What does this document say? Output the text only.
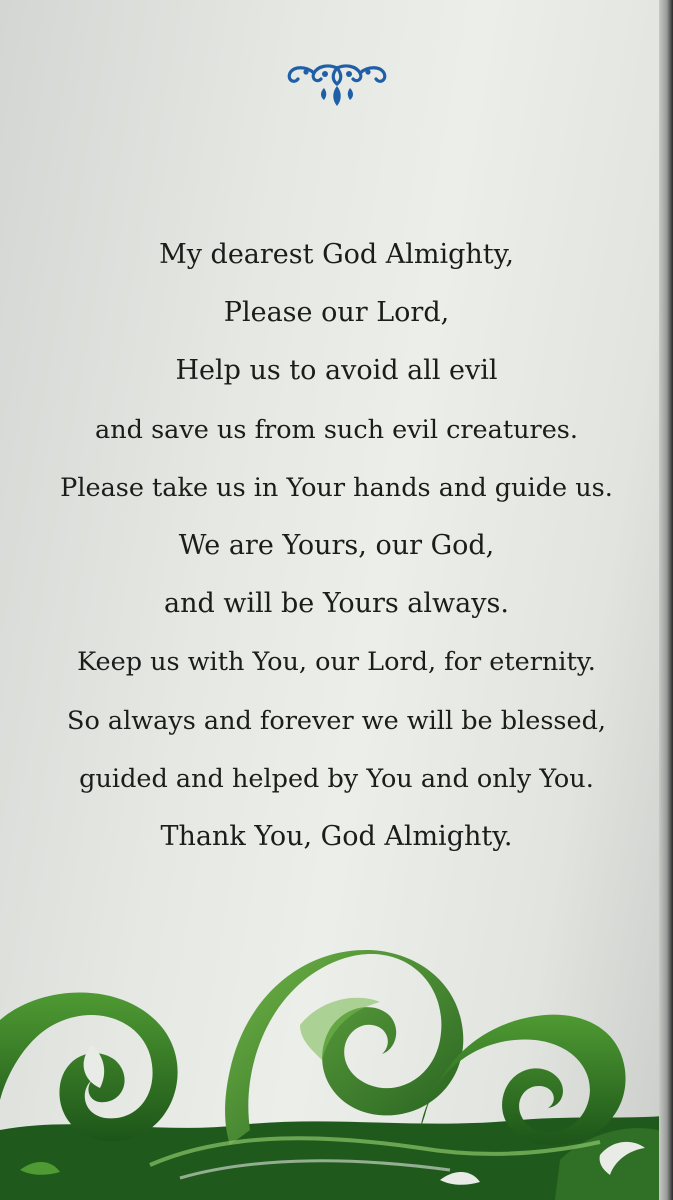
My dearest God Almighty,
Please our Lord,
Help us to avoid all evil
and save us from such evil creatures.
Please take us in Your hands and guide us.
We are Yours, our God,
and will be Yours always.
Keep us with You, our Lord, for eternity.
So always and forever we will be blessed,
guided and helped by You and only You.
Thank You, God Almighty.
